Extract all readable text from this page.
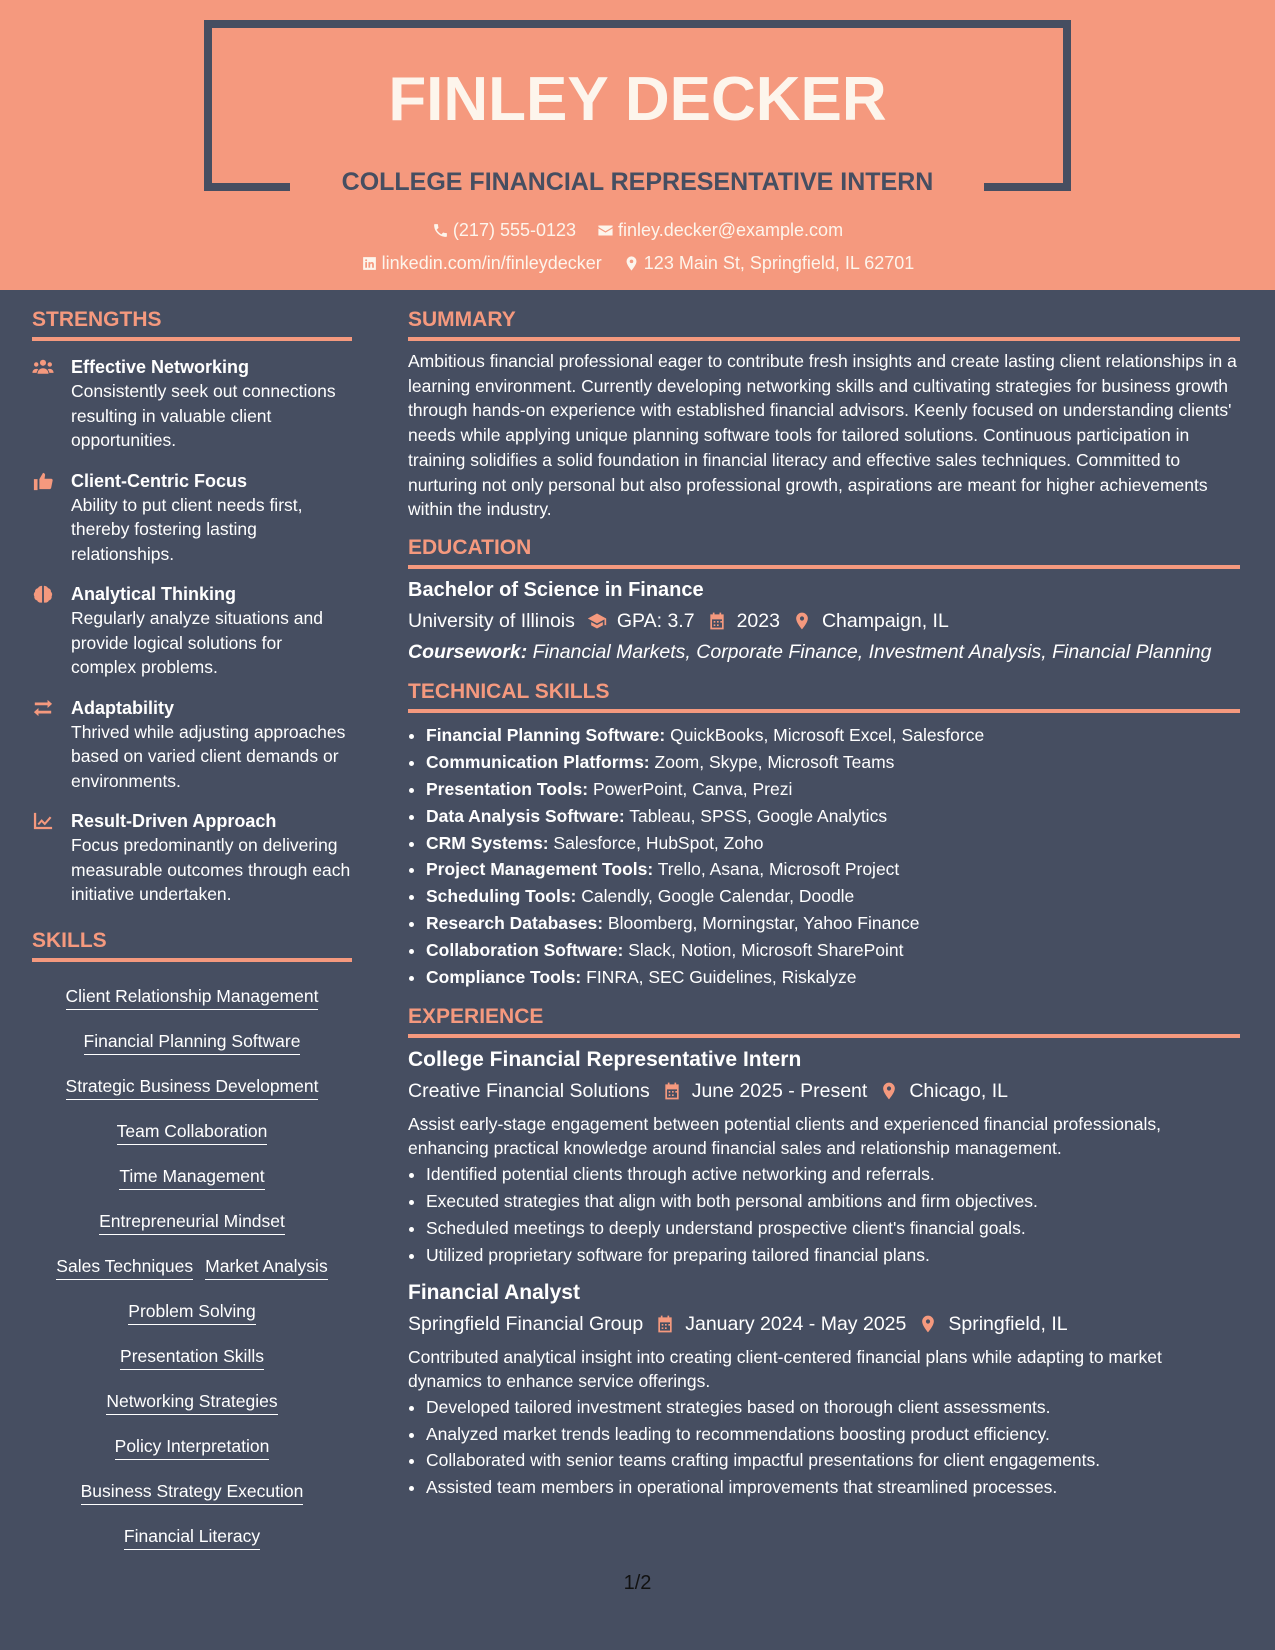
FINLEY DECKER
COLLEGE FINANCIAL REPRESENTATIVE INTERN
(217) 555-0123
finley.decker@example.com
linkedin.com/in/finleydecker
123 Main St, Springfield, IL 62701
STRENGTHS
Effective Networking
Consistently seek out connections resulting in valuable client opportunities.
Client-Centric Focus
Ability to put client needs first, thereby fostering lasting relationships.
Analytical Thinking
Regularly analyze situations and provide logical solutions for complex problems.
Adaptability
Thrived while adjusting approaches based on varied client demands or environments.
Result-Driven Approach
Focus predominantly on delivering measurable outcomes through each initiative undertaken.
SKILLS
Client Relationship Management
Financial Planning Software
Strategic Business Development
Team Collaboration
Time Management
Entrepreneurial Mindset
Sales Techniques Market Analysis
Problem Solving
Presentation Skills
Networking Strategies
Policy Interpretation
Business Strategy Execution
Financial Literacy
SUMMARY
Ambitious financial professional eager to contribute fresh insights and create lasting client relationships in a learning environment. Currently developing networking skills and cultivating strategies for business growth through hands-on experience with established financial advisors. Keenly focused on understanding clients' needs while applying unique planning software tools for tailored solutions. Continuous participation in training solidifies a solid foundation in financial literacy and effective sales techniques. Committed to nurturing not only personal but also professional growth, aspirations are meant for higher achievements within the industry.
EDUCATION
Bachelor of Science in Finance
University of Illinois GPA: 3.7 2023 Champaign, IL
Coursework: Financial Markets, Corporate Finance, Investment Analysis, Financial Planning
TECHNICAL SKILLS
• Financial Planning Software: QuickBooks, Microsoft Excel, Salesforce
• Communication Platforms: Zoom, Skype, Microsoft Teams
• Presentation Tools: PowerPoint, Canva, Prezi
• Data Analysis Software: Tableau, SPSS, Google Analytics
• CRM Systems: Salesforce, HubSpot, Zoho
• Project Management Tools: Trello, Asana, Microsoft Project
• Scheduling Tools: Calendly, Google Calendar, Doodle
• Research Databases: Bloomberg, Morningstar, Yahoo Finance
• Collaboration Software: Slack, Notion, Microsoft SharePoint
• Compliance Tools: FINRA, SEC Guidelines, Riskalyze
EXPERIENCE
College Financial Representative Intern
Creative Financial Solutions June 2025 - Present Chicago, IL
Assist early-stage engagement between potential clients and experienced financial professionals, enhancing practical knowledge around financial sales and relationship management.
• Identified potential clients through active networking and referrals.
• Executed strategies that align with both personal ambitions and firm objectives.
• Scheduled meetings to deeply understand prospective client's financial goals.
• Utilized proprietary software for preparing tailored financial plans.
Financial Analyst
Springfield Financial Group January 2024 - May 2025 Springfield, IL
Contributed analytical insight into creating client-centered financial plans while adapting to market dynamics to enhance service offerings.
• Developed tailored investment strategies based on thorough client assessments.
• Analyzed market trends leading to recommendations boosting product efficiency.
• Collaborated with senior teams crafting impactful presentations for client engagements.
• Assisted team members in operational improvements that streamlined processes.
1/2
